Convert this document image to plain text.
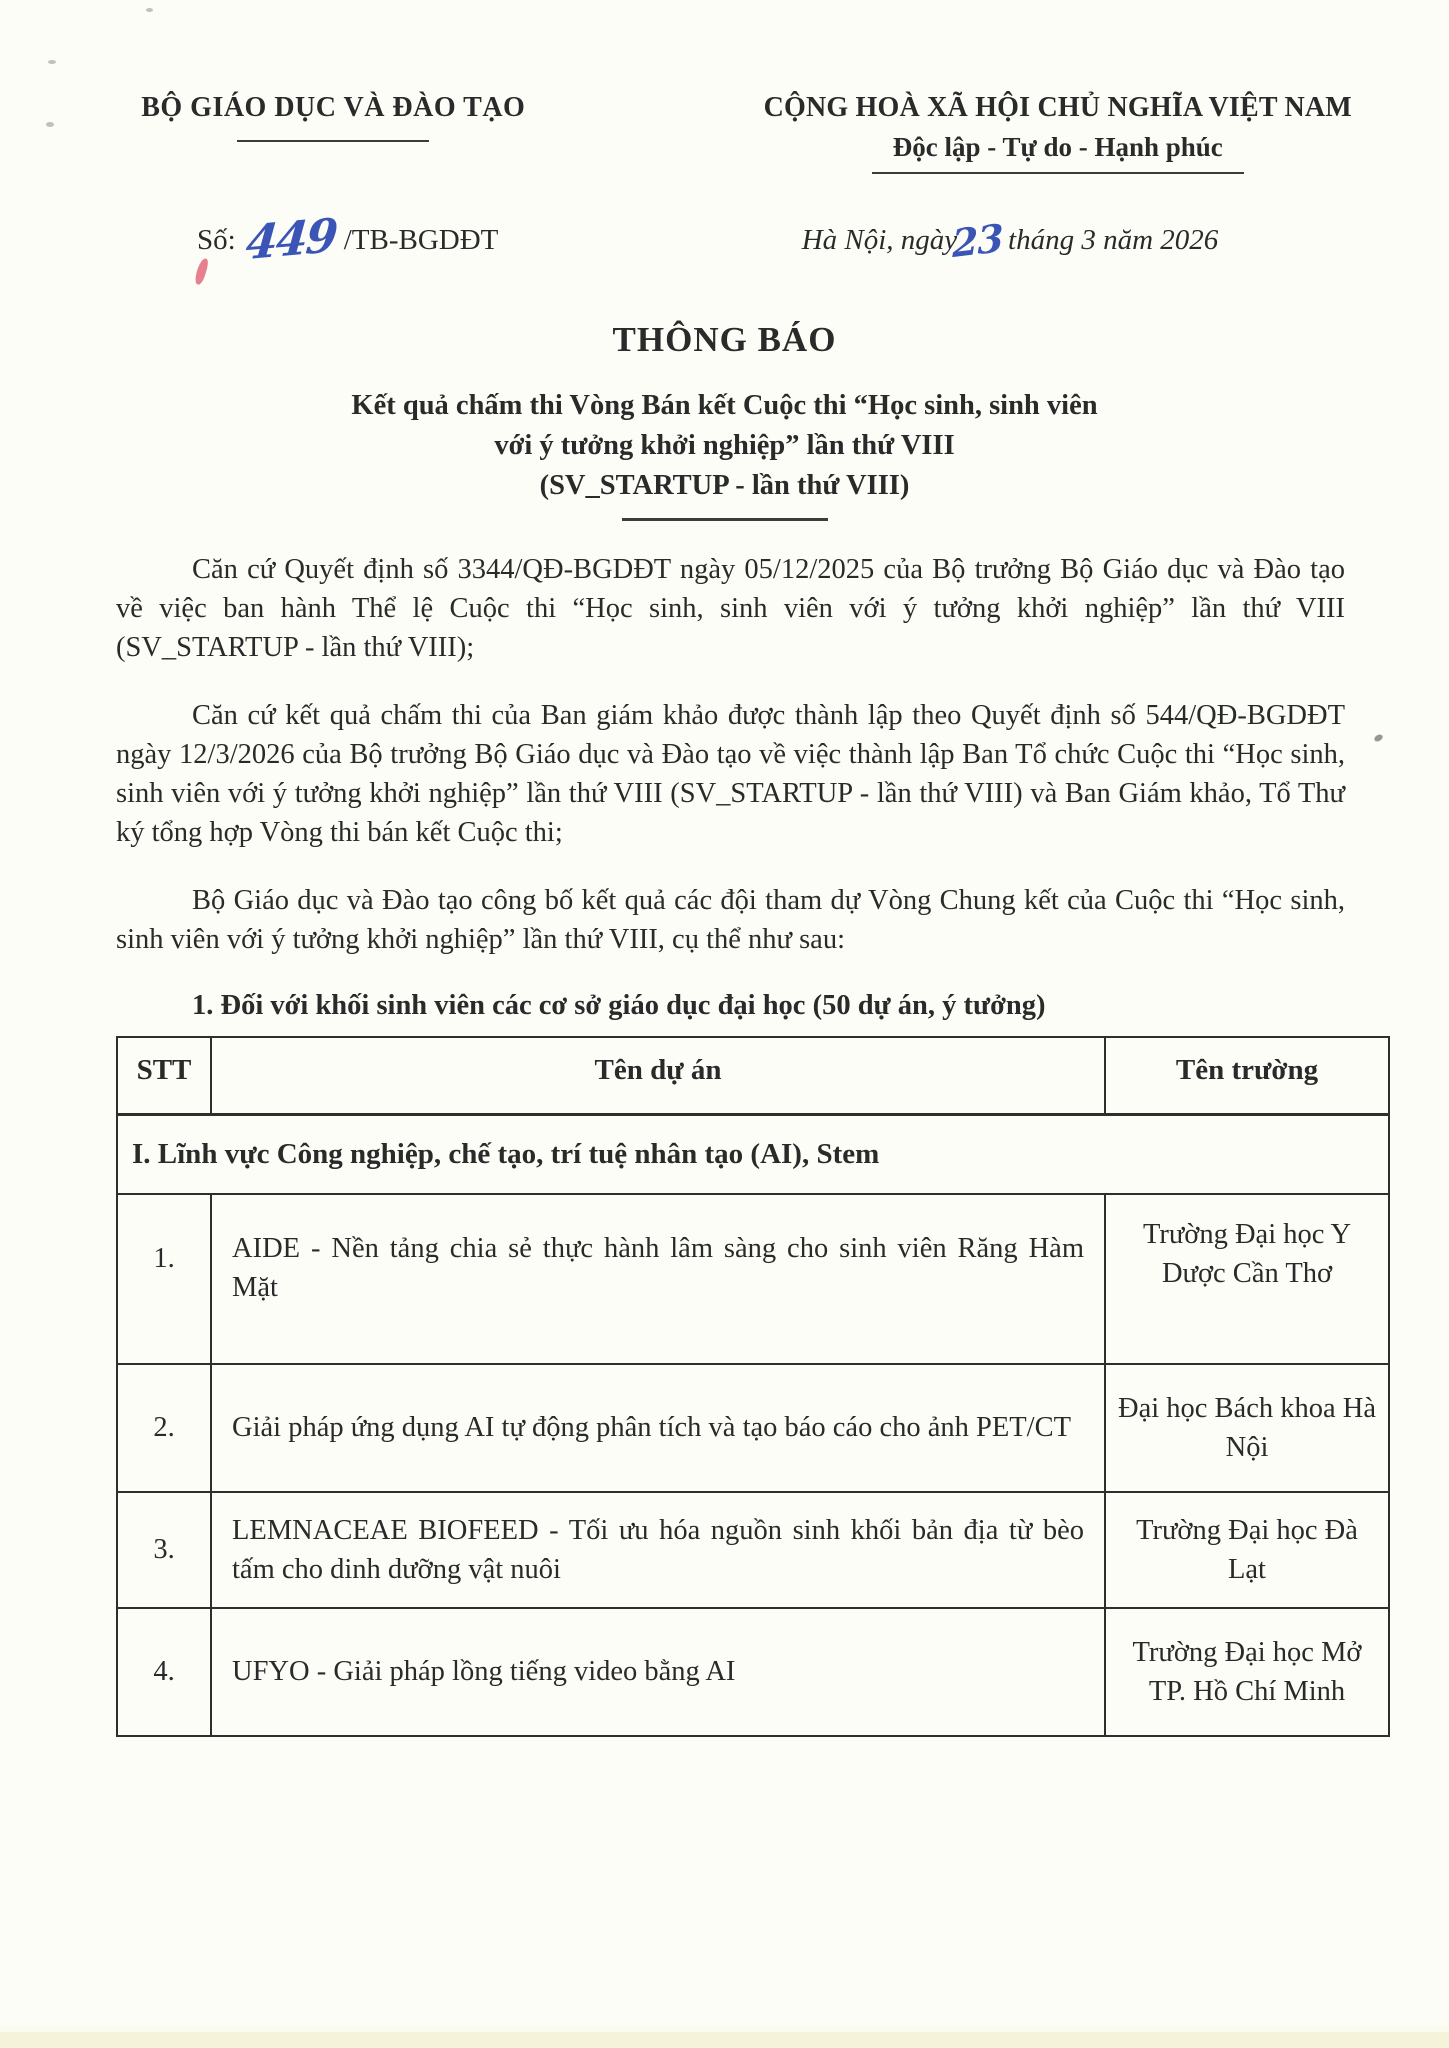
BỘ GIÁO DỤC VÀ ĐÀO TẠO	CỘNG HOÀ XÃ HỘI CHỦ NGHĨA VIỆT NAM
Độc lập - Tự do - Hạnh phúc
Số: 449 /TB-BGDĐT	Hà Nội, ngày23 tháng 3 năm 2026
THÔNG BÁO
Kết quả chấm thi Vòng Bán kết Cuộc thi “Học sinh, sinh viên
với ý tưởng khởi nghiệp” lần thứ VIII
(SV_STARTUP - lần thứ VIII)

Căn cứ Quyết định số 3344/QĐ-BGDĐT ngày 05/12/2025 của Bộ trưởng Bộ Giáo dục và Đào tạo về việc ban hành Thể lệ Cuộc thi “Học sinh, sinh viên với ý tưởng khởi nghiệp” lần thứ VIII (SV_STARTUP - lần thứ VIII);

Căn cứ kết quả chấm thi của Ban giám khảo được thành lập theo Quyết định số 544/QĐ-BGDĐT ngày 12/3/2026 của Bộ trưởng Bộ Giáo dục và Đào tạo về việc thành lập Ban Tổ chức Cuộc thi “Học sinh, sinh viên với ý tưởng khởi nghiệp” lần thứ VIII (SV_STARTUP - lần thứ VIII) và Ban Giám khảo, Tổ Thư ký tổng hợp Vòng thi bán kết Cuộc thi;

Bộ Giáo dục và Đào tạo công bố kết quả các đội tham dự Vòng Chung kết của Cuộc thi “Học sinh, sinh viên với ý tưởng khởi nghiệp” lần thứ VIII, cụ thể như sau:

1. Đối với khối sinh viên các cơ sở giáo dục đại học (50 dự án, ý tưởng)
STT	Tên dự án	Tên trường
I. Lĩnh vực Công nghiệp, chế tạo, trí tuệ nhân tạo (AI), Stem		
1.	AIDE - Nền tảng chia sẻ thực hành lâm sàng cho sinh viên Răng Hàm Mặt	Trường Đại học Y Dược Cần Thơ
2.	Giải pháp ứng dụng AI tự động phân tích và tạo báo cáo cho ảnh PET/CT	Đại học Bách khoa Hà Nội
3.	LEMNACEAE BIOFEED - Tối ưu hóa nguồn sinh khối bản địa từ bèo tấm cho dinh dưỡng vật nuôi	Trường Đại học Đà Lạt
4.	UFYO - Giải pháp lồng tiếng video bằng AI	Trường Đại học Mở TP. Hồ Chí Minh
